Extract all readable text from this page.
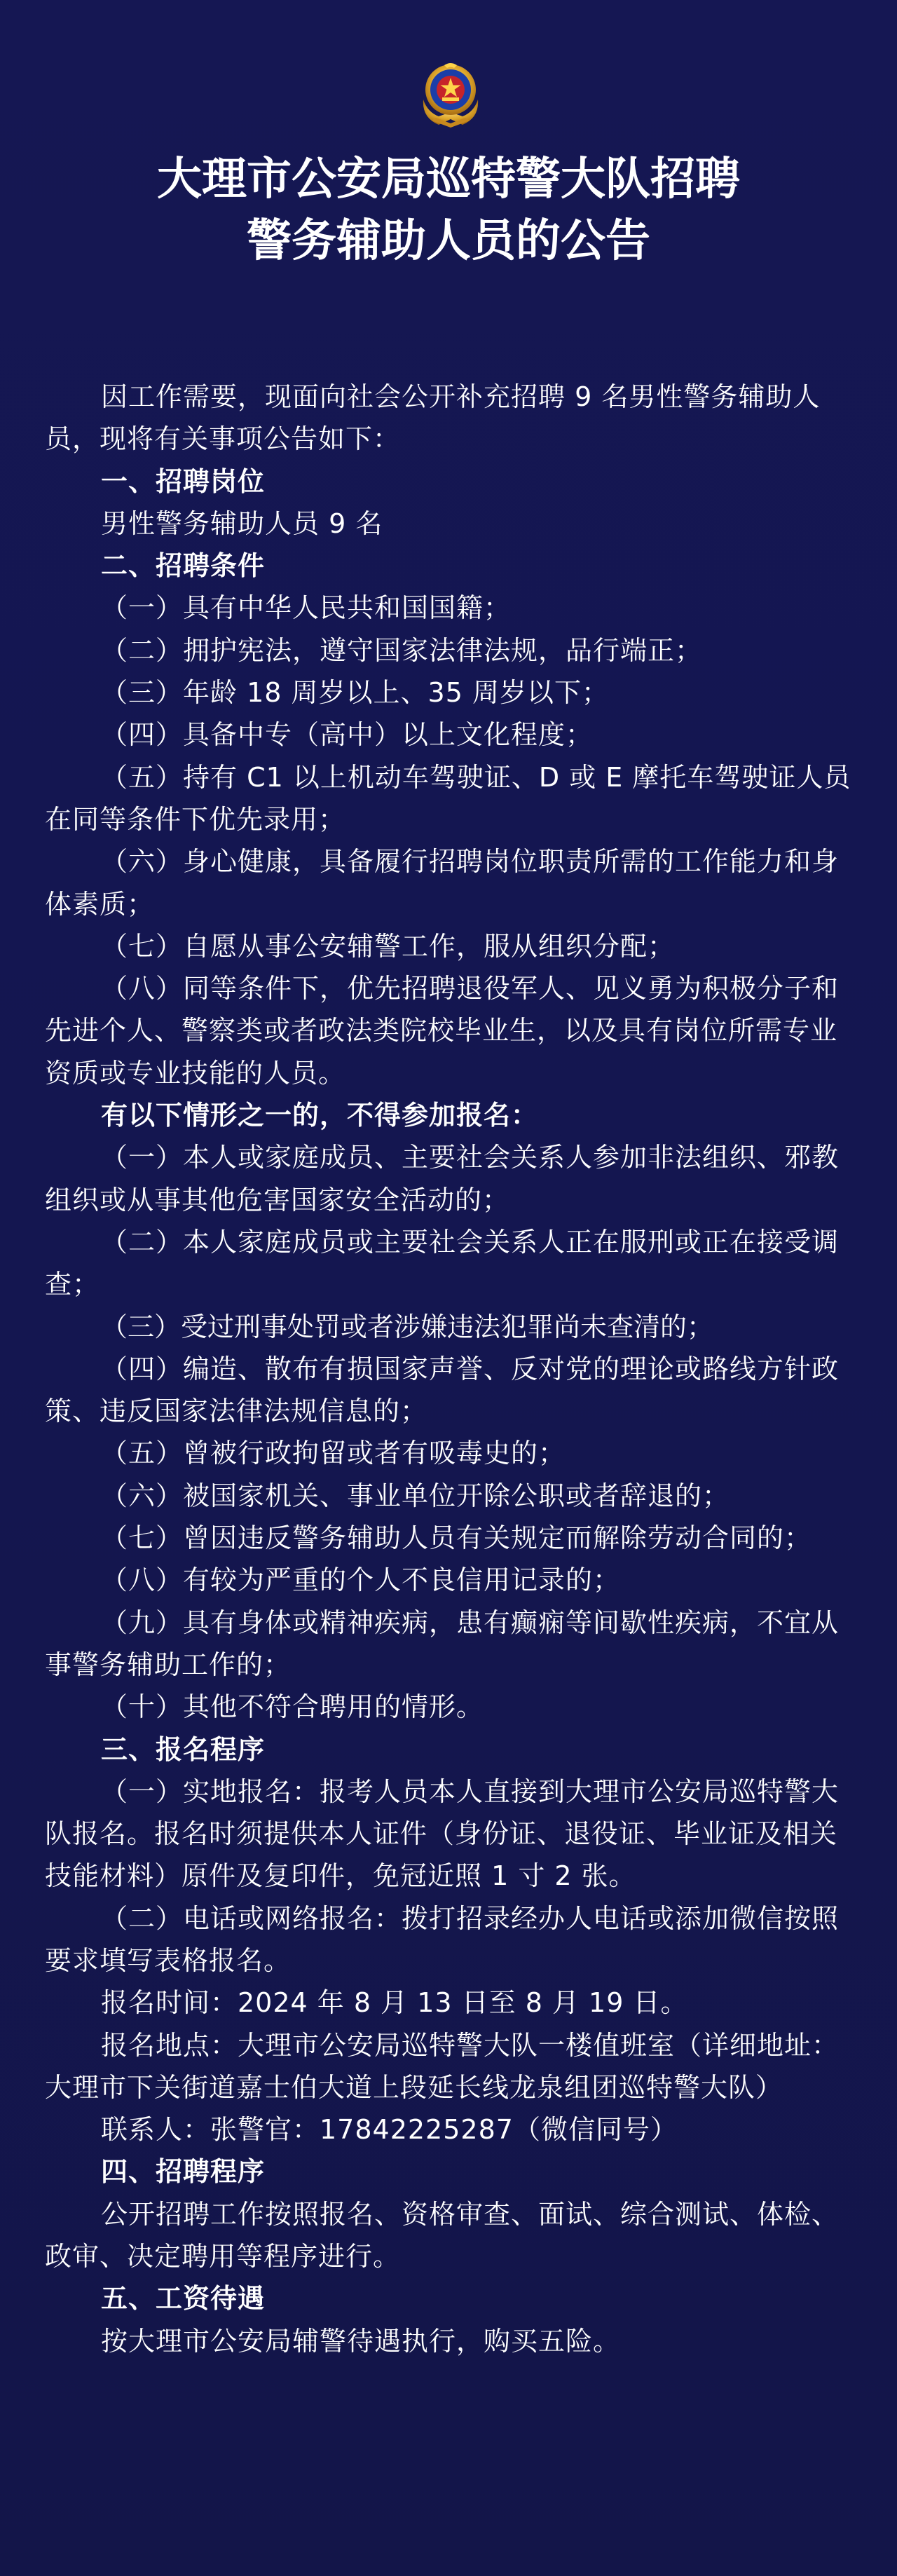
大理市公安局巡特警大队招聘
警务辅助人员的公告

因工作需要，现面向社会公开补充招聘 9 名男性警务辅助人员，现将有关事项公告如下：

一、招聘岗位

男性警务辅助人员 9 名

二、招聘条件

（一）具有中华人民共和国国籍；

（二）拥护宪法，遵守国家法律法规，品行端正；

（三）年龄 18 周岁以上、35 周岁以下；

（四）具备中专（高中）以上文化程度；

（五）持有 C1 以上机动车驾驶证、D 或 E 摩托车驾驶证人员在同等条件下优先录用；

（六）身心健康，具备履行招聘岗位职责所需的工作能力和身体素质；

（七）自愿从事公安辅警工作，服从组织分配；

（八）同等条件下，优先招聘退役军人、见义勇为积极分子和先进个人、警察类或者政法类院校毕业生，以及具有岗位所需专业资质或专业技能的人员。

有以下情形之一的，不得参加报名：

（一）本人或家庭成员、主要社会关系人参加非法组织、邪教组织或从事其他危害国家安全活动的；

（二）本人家庭成员或主要社会关系人正在服刑或正在接受调查；

（三）受过刑事处罚或者涉嫌违法犯罪尚未查清的；

（四）编造、散布有损国家声誉、反对党的理论或路线方针政策、违反国家法律法规信息的；

（五）曾被行政拘留或者有吸毒史的；

（六）被国家机关、事业单位开除公职或者辞退的；

（七）曾因违反警务辅助人员有关规定而解除劳动合同的；

（八）有较为严重的个人不良信用记录的；

（九）具有身体或精神疾病，患有癫痫等间歇性疾病，不宜从事警务辅助工作的；

（十）其他不符合聘用的情形。

三、报名程序

（一）实地报名：报考人员本人直接到大理市公安局巡特警大队报名。报名时须提供本人证件（身份证、退役证、毕业证及相关技能材料）原件及复印件，免冠近照 1 寸 2 张。

（二）电话或网络报名：拨打招录经办人电话或添加微信按照要求填写表格报名。

报名时间：2024 年 8 月 13 日至 8 月 19 日。

报名地点：大理市公安局巡特警大队一楼值班室（详细地址：大理市下关街道嘉士伯大道上段延长线龙泉组团巡特警大队）

联系人：张警官：17842225287（微信同号）

四、招聘程序

公开招聘工作按照报名、资格审查、面试、综合测试、体检、政审、决定聘用等程序进行。

五、工资待遇

按大理市公安局辅警待遇执行，购买五险。
